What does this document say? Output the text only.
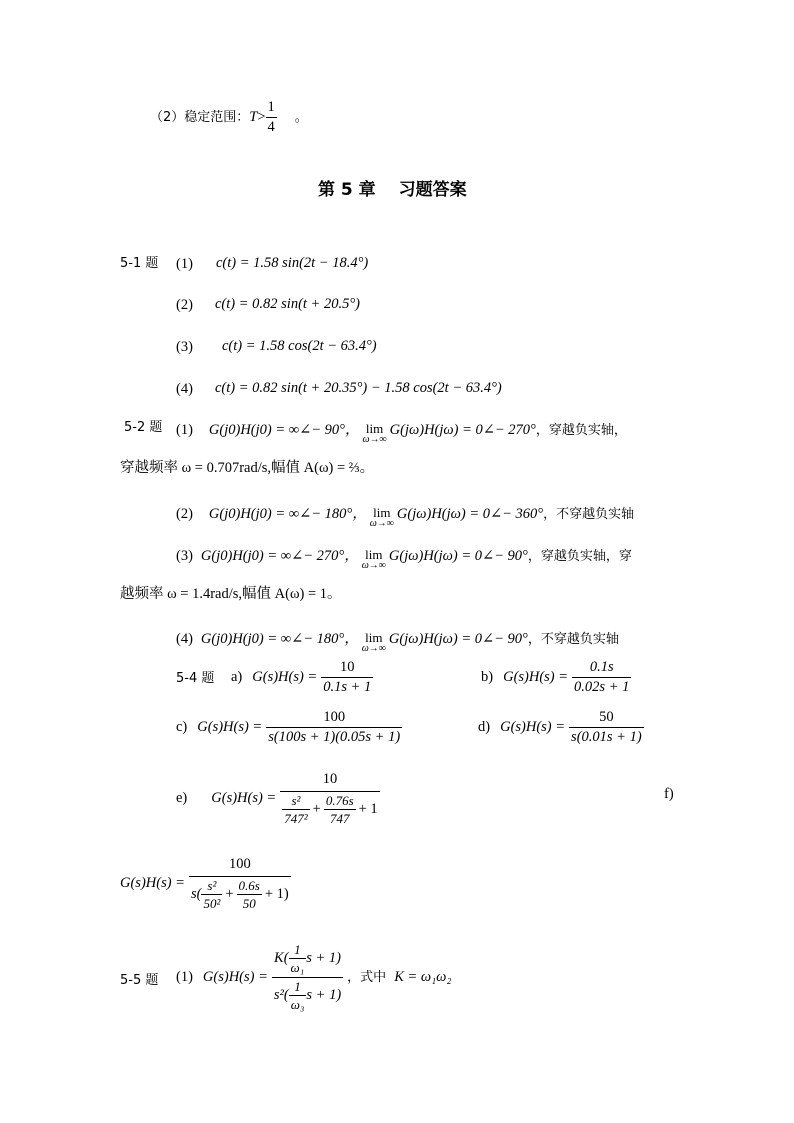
（2）稳定范围： $T > \frac{1}{4}$ 。
第 5 章　 习题答案
5-1 题 (1) c(t) = 1.58 sin(2t − 18.4°)
(2) c(t) = 0.82 sin(t + 20.5°)
(3) c(t) = 1.58 cos(2t − 63.4°)
(4) c(t) = 0.82 sin(t + 20.35°) − 1.58 cos(2t − 63.4°)
5-2 题 (1) G(j0)H(j0) = ∞∠− 90°， lim
ω→∞
G(jω)H(jω) = 0∠− 270° ，穿越负实轴，
穿越频率 ω = 0.707rad/s,幅值 A(ω) = ⅔。
(2) G(j0)H(j0) = ∞∠− 180°， lim
ω→∞
G(jω)H(jω) = 0∠− 360° ，不穿越负实轴
(3) G(j0)H(j0) = ∞∠− 270°， lim
ω→∞
G(jω)H(jω) = 0∠− 90° ，穿越负实轴，穿
越频率 ω = 1.4rad/s,幅值 A(ω) = 1。
(4) G(j0)H(j0) = ∞∠− 180°， lim
ω→∞
G(jω)H(jω) = 0∠− 90° ，不穿越负实轴
5-4 题 a) $G(s)H(s) = \frac{10}{0.1s + 1}$	b) $G(s)H(s) = \frac{0.1s}{0.02s + 1}$
c) $G(s)H(s) = \frac{100}{s(100s + 1)(0.05s + 1)}$	d) $G(s)H(s) = \frac{50}{s(0.01s + 1)}$
e) G(s)H(s) =
10
$\frac{\text{s²}}{\text{747²}} + \frac{0.76s}{747} + 1$
f)
G(s)H(s) =
100
$s( \frac{\text{s²}}{\text{50²}} + \frac{0.6s}{50} + 1)$
5-5 题 (1) G(s)H(s) =
$K( \frac{1}{\text{ω₁}}$ s + 1)
$s^2( \frac{1}{\text{ω₃}}$ s + 1)
，式中 K = ω₁ω₂
